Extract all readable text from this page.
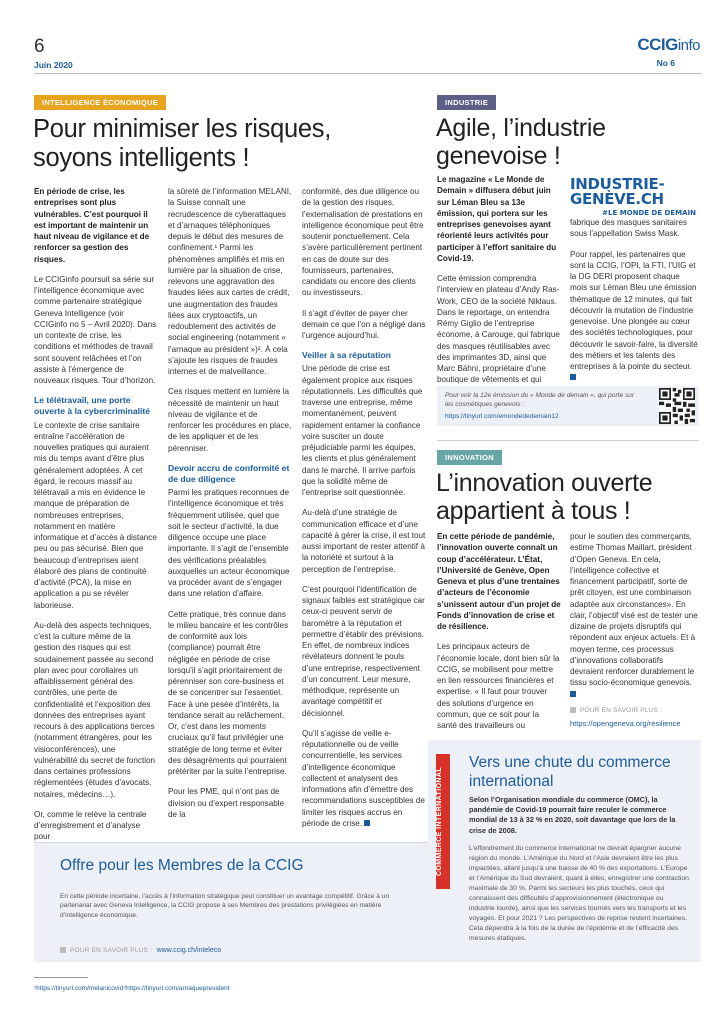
6
Juin 2020
CCIGinfo
No 6
INTELLIGENCE ÉCONOMIQUE
Pour minimiser les risques,
soyons intelligents !

En période de crise, les entreprises sont plus vulnérables. C’est pourquoi il est important de maintenir un haut niveau de vigilance et de renforcer sa gestion des risques.

Le CCIGinfo poursuit sa série sur l’intelligence économique avec comme partenaire stratégique Geneva Intelligence (voir CCIGinfo no 5 – Avril 2020). Dans un contexte de crise, les conditions et méthodes de travail sont souvent relâchées et l’on assiste à l’émergence de nouveaux risques. Tour d’horizon.

Le télétravail, une porte ouverte à la cybercriminalité

Le contexte de crise sanitaire entraîne l’accélération de nouvelles pratiques qui auraient mis du temps avant d’être plus généralement adoptées. À cet égard, le recours massif au télétravail a mis en évidence le manque de préparation de nombreuses entreprises, notamment en matière informatique et d’accès à distance peu ou pas sécurisé. Bien que beaucoup d’entreprises aient élaboré des plans de continuité d’activité (PCA), la mise en application a pu se révéler laborieuse.

Au-delà des aspects techniques, c’est la culture même de la gestion des risques qui est soudainement passée au second plan avec pour corollaires un affaiblissement général des contrôles, une perte de confidentialité et l’exposition des données des entreprises ayant recours à des applications tierces (notamment étrangères, pour les visioconférences), une vulnérabilité du secret de fonction dans certaines professions réglementées (études d’avocats, notaires, médecins…).

Or, comme le relève la centrale d’enregistrement et d’analyse pour

la sûreté de l’information MELANI, la Suisse connaît une recrudescence de cyberattaques et d’arnaques téléphoniques depuis le début des mesures de confinement.¹ Parmi les phénomènes amplifiés et mis en lumière par la situation de crise, relevons une aggravation des fraudes liées aux cartes de crédit, une augmentation des fraudes liées aux cryptoactifs, un redoublement des activités de social engineering (notamment « l’arnaque au président »)². À cela s’ajoute les risques de fraudes internes et de malveillance.

Ces risques mettent en lumière la nécessité de maintenir un haut niveau de vigilance et de renforcer les procédures en place, de les appliquer et de les pérenniser.

Devoir accru de conformité et de due diligence

Parmi les pratiques reconnues de l’intelligence économique et très fréquemment utilisée, quel que soit le secteur d’activité, la due diligence occupe une place importante. Il s’agit de l’ensemble des vérifications préalables auxquelles un acteur économique va procéder avant de s’engager dans une relation d’affaire.

Cette pratique, très connue dans le milieu bancaire et les contrôles de conformité aux lois (compliance) pourrait être négligée en période de crise lorsqu’il s’agit prioritairement de pérenniser son core-business et de se concentrer sur l’essentiel. Face à une pesée d’intérêts, la tendance serait au relâchement. Or, c’est dans les moments cruciaux qu’il faut privilégier une stratégie de long terme et éviter des désagréments qui pourraient prétériter par la suite l’entreprise.

Pour les PME, qui n’ont pas de division ou d’expert responsable de la

conformité, des due diligence ou de la gestion des risques, l’externalisation de prestations en intelligence économique peut être soutenir ponctuellement. Cela s’avère particulièrement pertinent en cas de doute sur des fournisseurs, partenaires, candidats ou encore des clients ou investisseurs.

Il s’agit d’éviter de payer cher demain ce que l’on a négligé dans l’urgence aujourd’hui.

Veiller à sa réputation

Une période de crise est également propice aux risques réputationnels. Les difficultés que traverse une entreprise, même momentanément, peuvent rapidement entamer la confiance voire susciter un doute préjudiciable parmi les équipes, les clients et plus généralement dans le marché. Il arrive parfois que la solidité même de l’entreprise soit questionnée.

Au-delà d’une stratégie de communication efficace et d’une capacité à gérer la crise, il est tout aussi important de rester attentif à la notoriété et surtout à la perception de l’entreprise.

C’est pourquoi l’identification de signaux faibles est stratégique car ceux-ci peuvent servir de baromètre à la réputation et permettre d’établir des prévisions. En effet, de nombreux indices révélateurs donnent le pouls d’une entreprise, respectivement d’un concurrent. Leur mesure, méthodique, représente un avantage compétitif et décisionnel.

Qu’il s’agisse de veille e-réputationnelle ou de veille concurrentielle, les services d’intelligence économique collectent et analysent des informations afin d’émettre des recommandations susceptibles de limiter les risques accrus en période de crise.

Offre pour les Membres de la CCIG
En cette période incertaine, l’accès à l’information stratégique peut constituer un avantage compétitif. Grâce à un partenariat avec Geneva Intelligence, la CCIG propose à ses Membres des prestations privilégiées en matière d’intelligence économique.
POUR EN SAVOIR PLUS : www.ccig.ch/inteleco
¹https://tinyurl.com/melanicovid ²https://tinyurl.com/arnaquepresident
INDUSTRIE
Agile, l’industrie
genevoise !

Le magazine « Le Monde de Demain » diffusera début juin sur Léman Bleu sa 13e émission, qui portera sur les entreprises genevoises ayant réorienté leurs activités pour participer à l’effort sanitaire du Covid-19.

Cette émission comprendra l’interview en plateau d’Andy Ras-Work, CEO de la société Niklaus. Dans le reportage, on entendra Rémy Giglio de l’entreprise économe, à Carouge, qui fabrique des masques réutilisables avec des imprimantes 3D, ainsi que Marc Bähni, propriétaire d’une boutique de vêtements et qui

INDUSTRIE-GENÈVE.CH
#LE MONDE DE DEMAIN

fabrique des masques sanitaires sous l’appellation Swiss Mask.

Pour rappel, les partenaires que sont la CCIG, l’OPI, la FTI, l’UIG et la DG DERI proposent chaque mois sur Léman Bleu une émission thématique de 12 minutes, qui fait découvrir la mutation de l’industrie genevoise. Une plongée au cœur des sociétés technologiques, pour découvrir le savoir-faire, la diversité des métiers et les talents des entreprises à la pointe du secteur.

Pour voir la 12e émission du « Monde de demain », qui porte sur les cosmétiques genevois :
https://tinyurl.com/emondededemain12
INNOVATION
L’innovation ouverte
appartient à tous !

En cette période de pandémie, l’innovation ouverte connaît un coup d’accélérateur. L’État, l’Université de Genève, Open Geneva et plus d’une trentaines d’acteurs de l’économie s’unissent autour d’un projet de Fonds d’innovation de crise et de résilience.

Les principaux acteurs de l’économie locale, dont bien sûr la CCIG, se mobilisent pour mettre en lien ressources financières et expertise. « Il faut pour trouver des solutions d’urgence en commun, que ce soit pour la santé des travailleurs ou

pour le soutien des commerçants, estime Thomas Maillart, président d’Open Geneva. En cela, l’intelligence collective et financement participatif, sorte de prêt citoyen, est une combinaison adaptée aux circonstances». En clair, l’objectif visé est de tester une dizaine de projets disruptifs qui répondent aux enjeux actuels. Et à moyen terme, ces processus d’innovations collaboratifs devraient renforcer durablement le tissu socio-économique genevois.

POUR EN SAVOIR PLUS :
https://opengeneva.org/resilience
COMMERCE INTERNATIONAL
Vers une chute du commerce
international
Selon l’Organisation mondiale du commerce (OMC), la pandémie de Covid-19 pourrait faire reculer le commerce mondial de 13 à 32 % en 2020, soit davantage que lors de la crise de 2008.
L’effondrement du commerce international ne devrait épargner aucune région du monde. L’Amérique du Nord et l’Asie devraient être les plus impactées, allant jusqu’à une baisse de 40 % des exportations. L’Europe et l’Amérique du Sud devraient, quant à elles, enregistrer une contraction maximale de 30 %. Parmi les secteurs les plus touchés, ceux qui connaissent des difficultés d’approvisionnement (électronique ou industrie lourde), ainsi que les services tournés vers les transports et les voyages. Et pour 2021 ? Les perspectives de reprise restent incertaines. Cela dépendra à la fois de la durée de l’épidémie et de l’efficacité des mesures étatiques.
